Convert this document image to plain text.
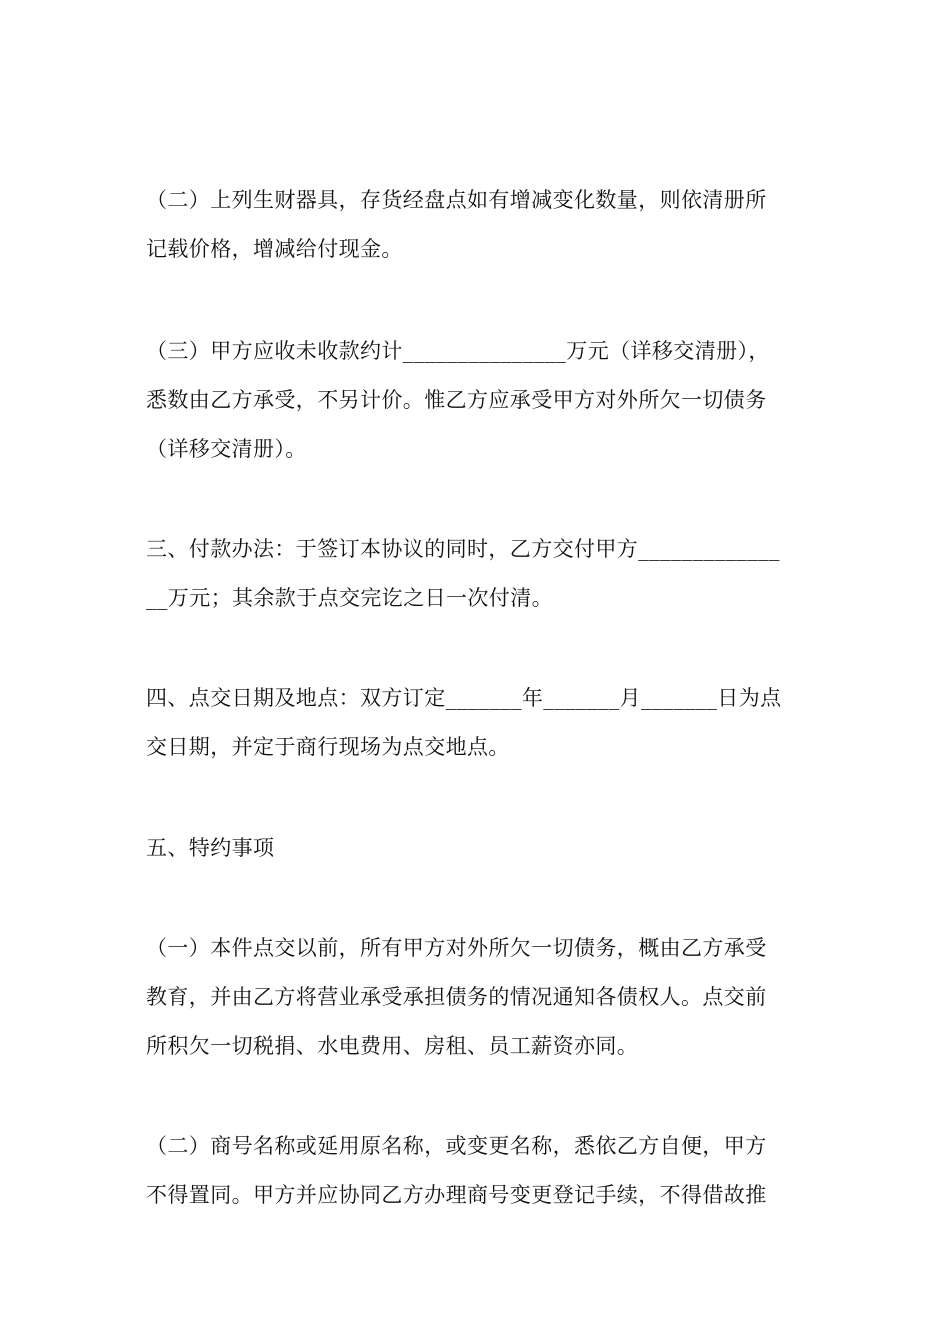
（二）上列生财器具，存货经盘点如有增减变化数量，则依清册所
记载价格，增减给付现金。
（三）甲方应收未收款约计_______________万元（详移交清册），
悉数由乙方承受，不另计价。惟乙方应承受甲方对外所欠一切债务
（详移交清册）。
三、付款办法：于签订本协议的同时，乙方交付甲方_____________
__万元；其余款于点交完讫之日一次付清。
四、点交日期及地点：双方订定_______年_______月_______日为点
交日期，并定于商行现场为点交地点。
五、特约事项
（一）本件点交以前，所有甲方对外所欠一切债务，概由乙方承受
教育，并由乙方将营业承受承担债务的情况通知各债权人。点交前
所积欠一切税捐、水电费用、房租、员工薪资亦同。
（二）商号名称或延用原名称，或变更名称，悉依乙方自便，甲方
不得置同。甲方并应协同乙方办理商号变更登记手续，不得借故推
